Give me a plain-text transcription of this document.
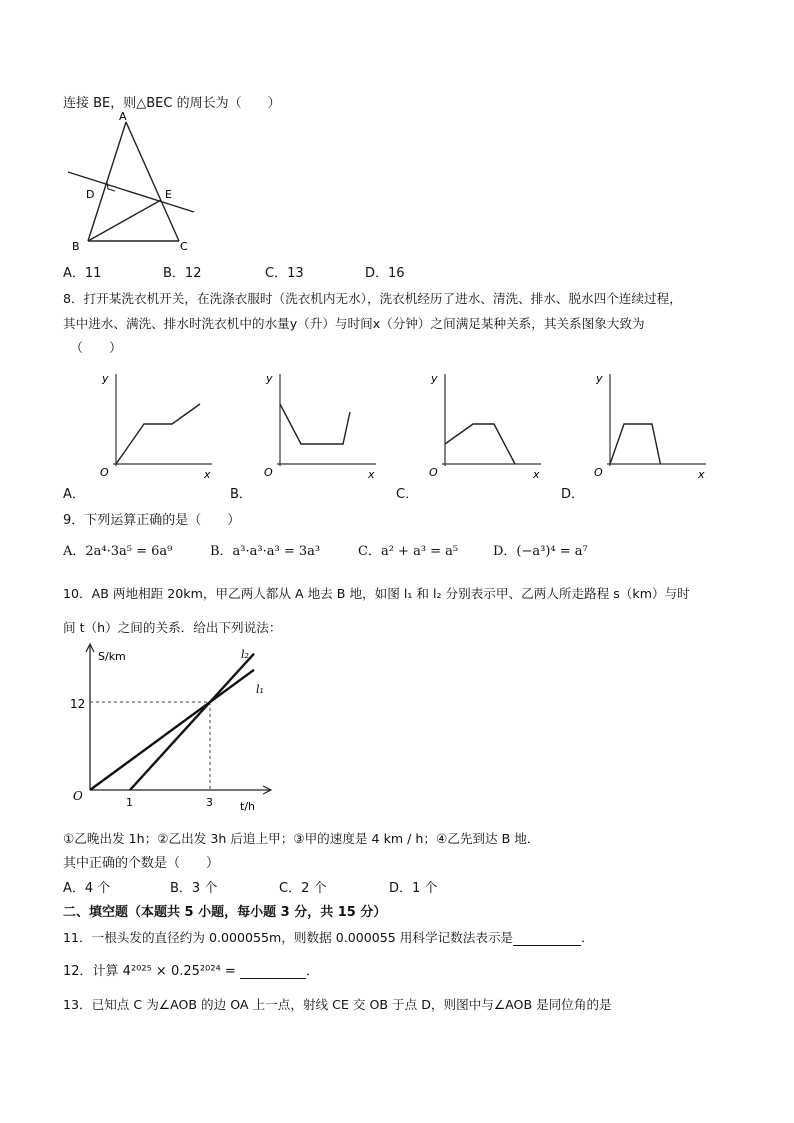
连接 BE，则△BEC 的周长为（　　）
A
D	E
B	C
A．11	B．12	C．13	D．16
8．打开某洗衣机开关，在洗涤衣服时（洗衣机内无水），洗衣机经历了进水、清洗、排水、脱水四个连续过程，
其中进水、满洗、排水时洗衣机中的水量y（升）与时间x（分钟）之间满足某种关系，其关系图象大致为
（　　）
y
x
O
y
x
O
y
x
O
y
x
O
A．	B．	C．	D．
9．下列运算正确的是（　　）
A．2a⁴·3a⁵ = 6a⁹	B．a³·a³·a³ = 3a³	C．a² + a³ = a⁵	D．(−a³)⁴ = a⁷
10．AB 两地相距 20km，甲乙两人都从 A 地去 B 地，如图 l₁ 和 l₂ 分别表示甲、乙两人所走路程 s（km）与时
间 t（h）之间的关系．给出下列说法：
S/km
t/h
O
12
1	3
l₂
l₁
①乙晚出发 1h；②乙出发 3h 后追上甲；③甲的速度是 4 km / h；④乙先到达 B 地．
其中正确的个数是（　　）
A．4 个	B．3 个	C．2 个	D．1 个
二、填空题（本题共 5 小题，每小题 3 分，共 15 分）
11．一根头发的直径约为 0.000055m，则数据 0.000055 用科学记数法表示是	．
12．计算 4²⁰²⁵ × 0.25²⁰²⁴ =	．
13．已知点 C 为∠AOB 的边 OA 上一点，射线 CE 交 OB 于点 D，则图中与∠AOB 是同位角的是
